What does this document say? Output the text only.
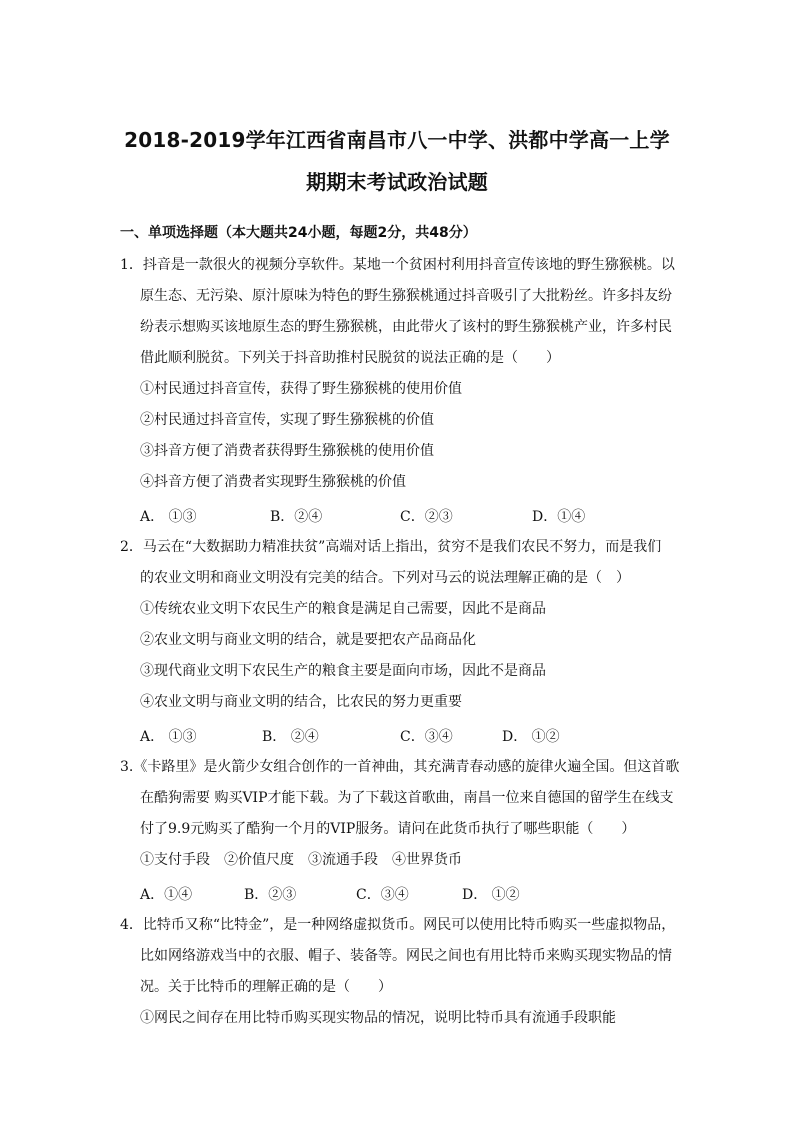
2018-2019学年江西省南昌市八一中学、洪都中学高一上学
期期末考试政治试题
一、单项选择题（本大题共24小题，每题2分，共48分）
1．抖音是一款很火的视频分享软件。某地一个贫困村利用抖音宣传该地的野生猕猴桃。以
原生态、无污染、原汁原味为特色的野生猕猴桃通过抖音吸引了大批粉丝。许多抖友纷
纷表示想购买该地原生态的野生猕猴桃，由此带火了该村的野生猕猴桃产业，许多村民
借此顺利脱贫。下列关于抖音助推村民脱贫的说法正确的是（　　）
①村民通过抖音宣传，获得了野生猕猴桃的使用价值
②村民通过抖音宣传，实现了野生猕猴桃的价值
③抖音方便了消费者获得野生猕猴桃的使用价值
④抖音方便了消费者实现野生猕猴桃的价值
A． ①③	B．②④	C．②③	D．①④
2．马云在“大数据助力精准扶贫”高端对话上指出，贫穷不是我们农民不努力，而是我们
的农业文明和商业文明没有完美的结合。下列对马云的说法理解正确的是（　）
①传统农业文明下农民生产的粮食是满足自己需要，因此不是商品
②农业文明与商业文明的结合，就是要把农产品商品化
③现代商业文明下农民生产的粮食主要是面向市场，因此不是商品
④农业文明与商业文明的结合，比农民的努力更重要
A． ①③	B． ②④	C．③④	D． ①②
3.《卡路里》是火箭少女组合创作的一首神曲，其充满青春动感的旋律火遍全国。但这首歌
在酷狗需要 购买VIP才能下载。为了下载这首歌曲，南昌一位来自德国的留学生在线支
付了9.9元购买了酷狗一个月的VIP服务。请问在此货币执行了哪些职能（　　）
①支付手段　②价值尺度　③流通手段　④世界货币
A．①④	B．②③	C．③④	D． ①②
4．比特币又称“比特金”，是一种网络虚拟货币。网民可以使用比特币购买一些虚拟物品，
比如网络游戏当中的衣服、帽子、装备等。网民之间也有用比特币来购买现实物品的情
况。关于比特币的理解正确的是（　　）
①网民之间存在用比特币购买现实物品的情况，说明比特币具有流通手段职能
